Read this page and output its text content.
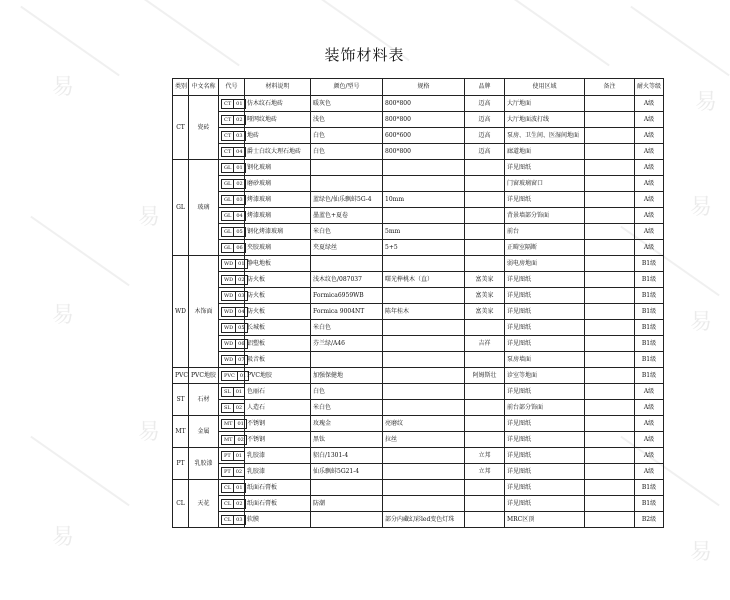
易
易
易	易
易	易
易
易
易
装饰材料表
类别	中文名称	代号	材料说明	颜色/型号	规格	品牌	使用区域	备注	耐火等级
CT	瓷砖	CT 01	仿木纹石地砖	暖灰色	800*800	迈高	大厅地面		A级

		CT 02	哑网纹地砖	浅色	800*800	迈高	大厅地面波打线		A级

		CT 03	地砖	白色	600*600	迈高	泵房、卫生间、医湿间地面		A级

		CT 04	爵士白纹大理石地砖	白色	800*800	迈高	廊道地面		A级
GL	玻璃	GL 01	钢化玻璃				详见图纸		A级

		GL 02	磨砂玻璃				门窗玻璃窗口		A级

		GL 03	烤漆玻璃	蓝绿色/仙乐飘蚌5G-4	10mm		详见图纸		A级

		GL 04	烤漆玻璃	墨蓝色+夏卷			背景墙部分饰面		A级

		GL 05	钢化烤漆玻璃	米白色	5mm		前台		A级

		GL 06	夹胶玻璃	夹夏绿丝	5+5		正畸室隔断		A级
WD	木饰面	WD 01	静电地板				弱电房地面		B1级

		WD 02	防火板	浅木纹色/087037	曙光榉桃木（直）	富美家	详见图纸		B1级

		WD 03	防火板	Formica6959WB		富美家	详见图纸		B1级

		WD 04	防火板	Formica 9004NT	陈年桂木	富美家	详见图纸		B1级

		WD 05	长城板	米白色			详见图纸		B1级

		WD 06	铝塑板	芬兰绿/A46		吉祥	详见图纸		B1级

		WD 07	吸音板				泵房墙面		B1级
PVC	PVC地胶	PVC 01	PVC地胶	加强保健地		阿姆斯壮	诊室等地面		B1级
ST	石材	SL 01	色丽石	白色			详见图纸		A级

		SL 02	人造石	米白色			前台部分饰面		A级
MT	金属	MT 01	不锈钢	玫瑰金	亮磨纹		详见图纸		A级

		MT 02	不锈钢	黑钛	拉丝		详见图纸		A级
PT	乳胶漆	PT 01	乳胶漆	貂白/1301-4		立邦	详见图纸		A级

		PT 02	乳胶漆	仙乐飘蚌5G21-4		立邦	详见图纸		A级
CL	天花	CL 01	纸面石膏板				详见图纸		B1级

		CL 02	纸面石膏板	防潮			详见图纸		B1级

		CL 03	软膜		部分内藏幻彩led变色灯珠		MRC区顶		B2级
